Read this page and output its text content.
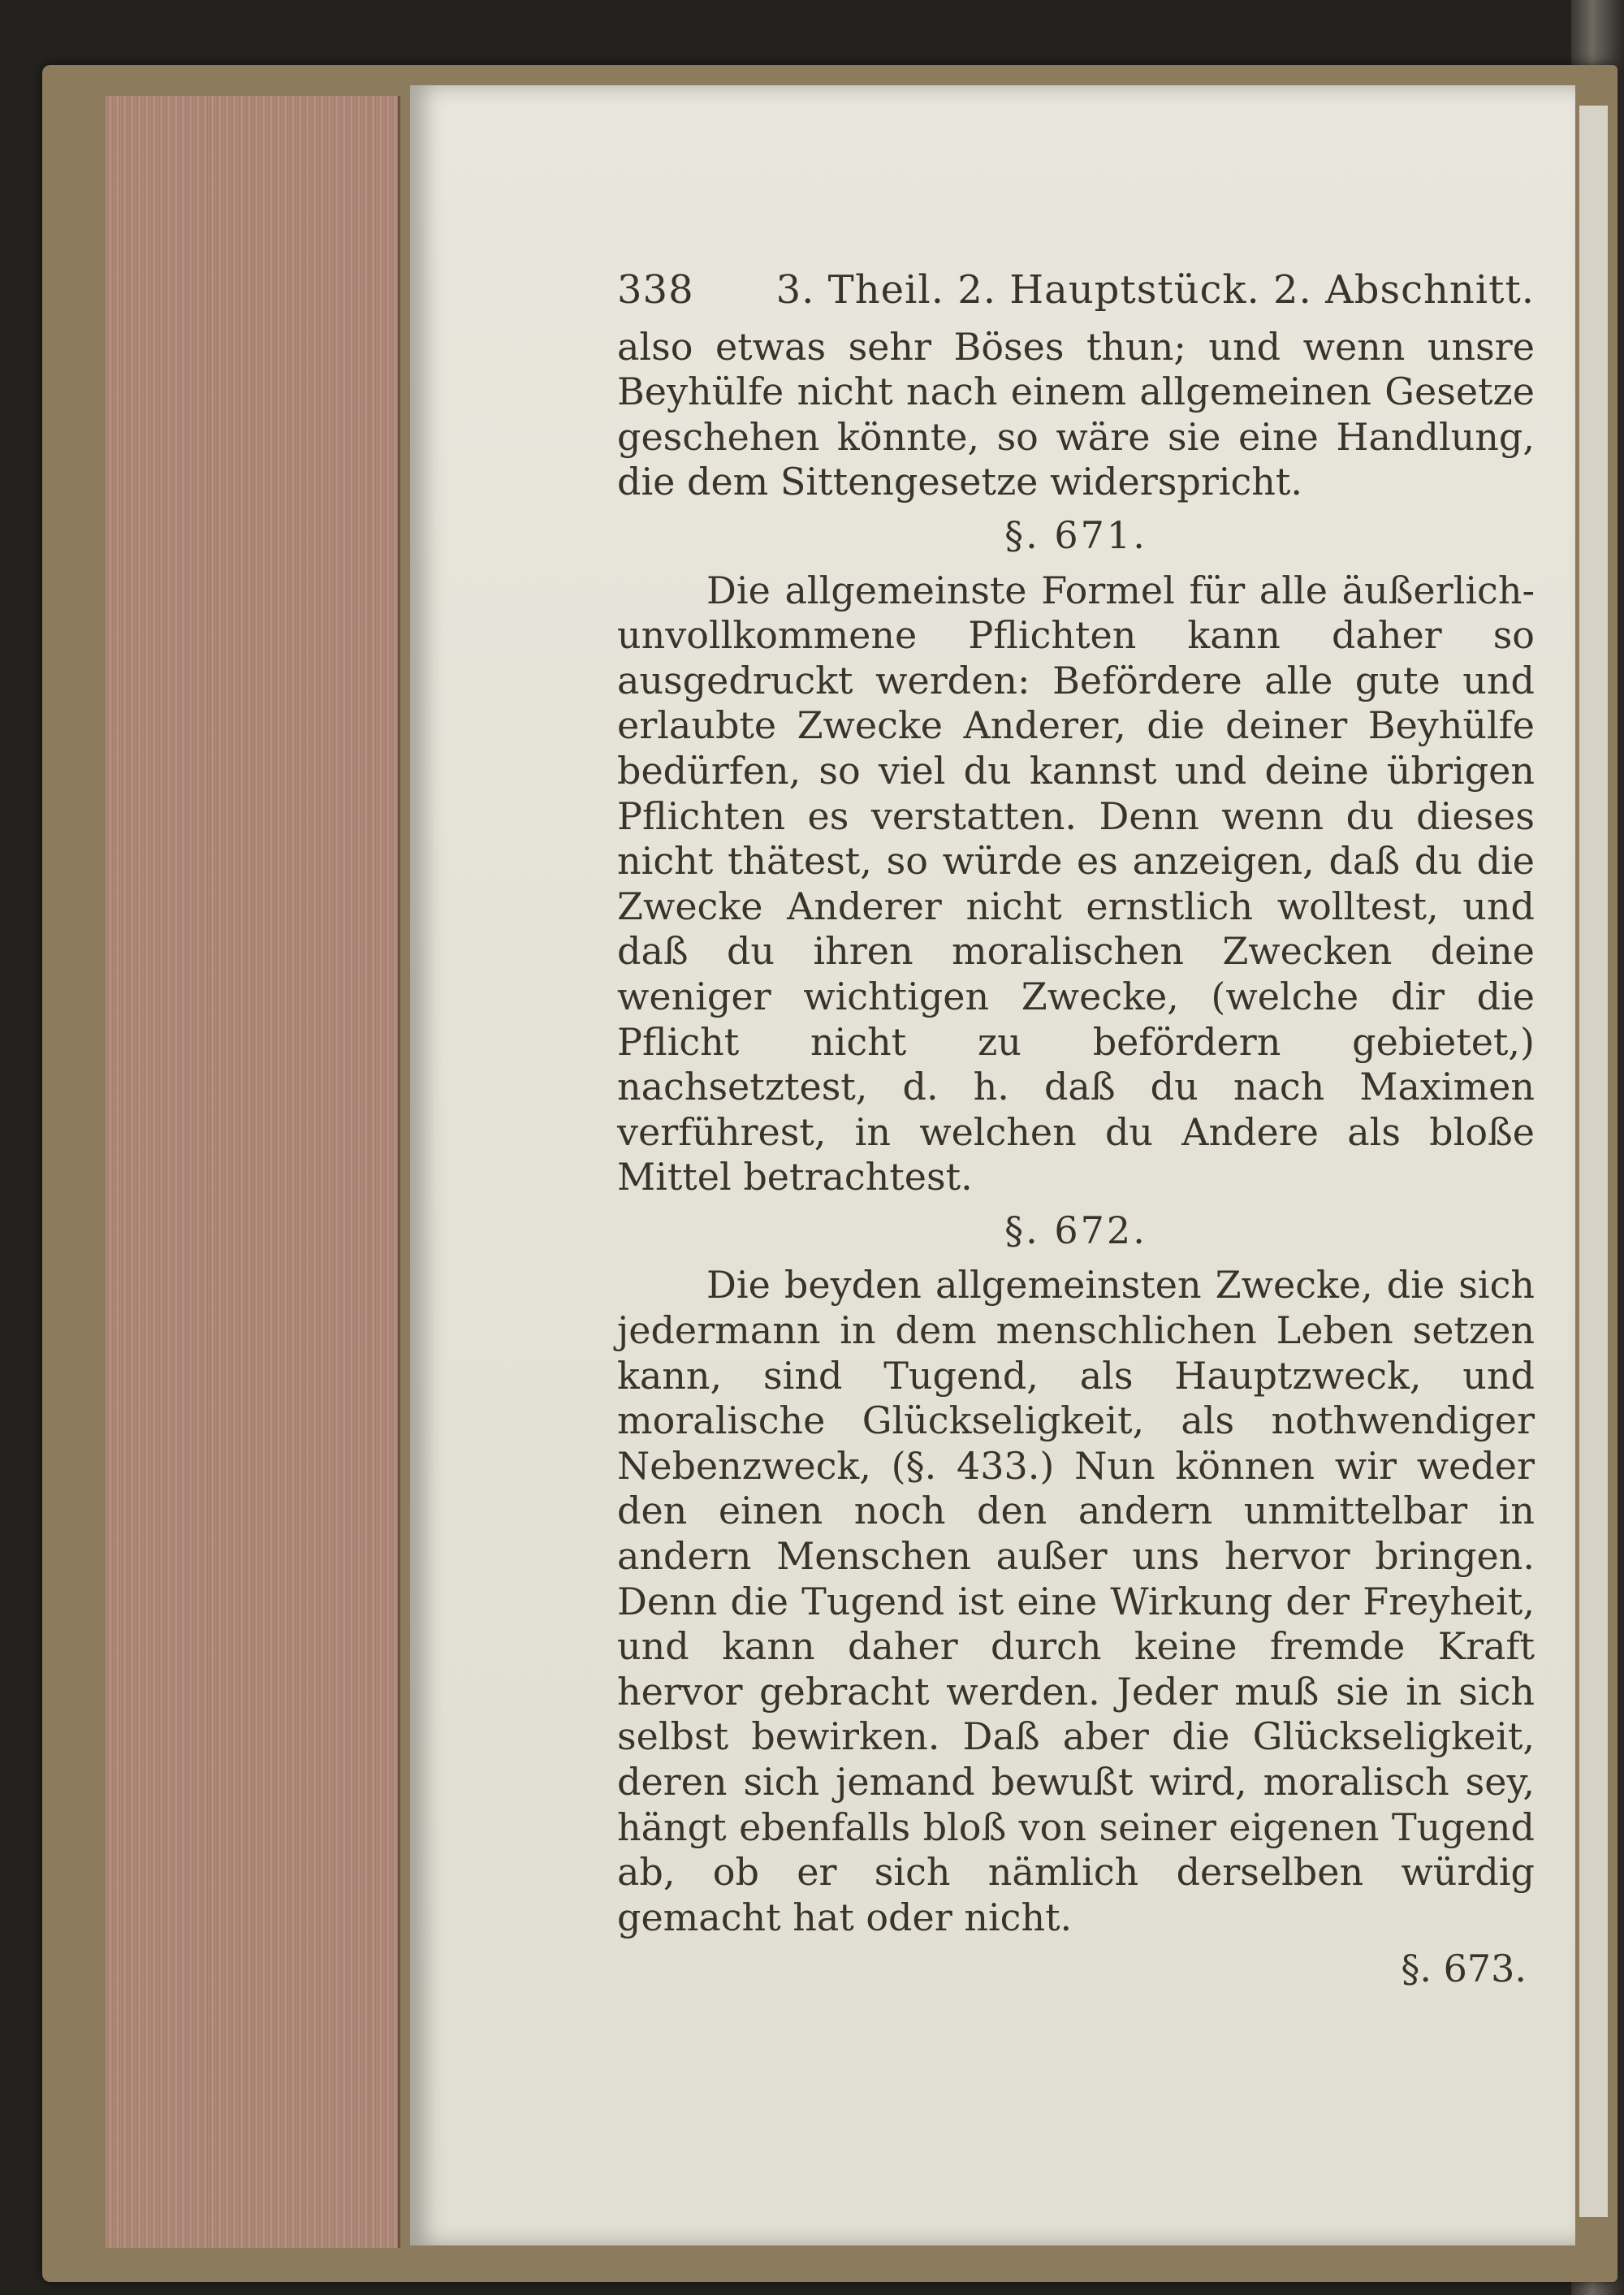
338 3. Theil. 2. Hauptstück. 2. Abschnitt.

also etwas sehr Böses thun; und wenn unsre Beyhülfe nicht nach einem allgemeinen Gesetze geschehen könnte, so wäre sie eine Handlung, die dem Sittengesetze widerspricht.

§. 671.

Die allgemeinste Formel für alle äußerlich-unvollkommene Pflichten kann daher so ausgedruckt werden: Befördere alle gute und erlaubte Zwecke Anderer, die deiner Beyhülfe bedürfen, so viel du kannst und deine übrigen Pflichten es verstatten. Denn wenn du dieses nicht thätest, so würde es anzeigen, daß du die Zwecke Anderer nicht ernstlich wolltest, und daß du ihren moralischen Zwecken deine weniger wichtigen Zwecke, (welche dir die Pflicht nicht zu befördern gebietet,) nachsetztest, d. h. daß du nach Maximen verführest, in welchen du Andere als bloße Mittel betrachtest.

§. 672.

Die beyden allgemeinsten Zwecke, die sich jedermann in dem menschlichen Leben setzen kann, sind Tugend, als Hauptzweck, und moralische Glückseligkeit, als nothwendiger Nebenzweck, (§. 433.) Nun können wir weder den einen noch den andern unmittelbar in andern Menschen außer uns hervor bringen. Denn die Tugend ist eine Wirkung der Freyheit, und kann daher durch keine fremde Kraft hervor gebracht werden. Jeder muß sie in sich selbst bewirken. Daß aber die Glückseligkeit, deren sich jemand bewußt wird, moralisch sey, hängt ebenfalls bloß von seiner eigenen Tugend ab, ob er sich nämlich derselben würdig gemacht hat oder nicht.

§. 673.
